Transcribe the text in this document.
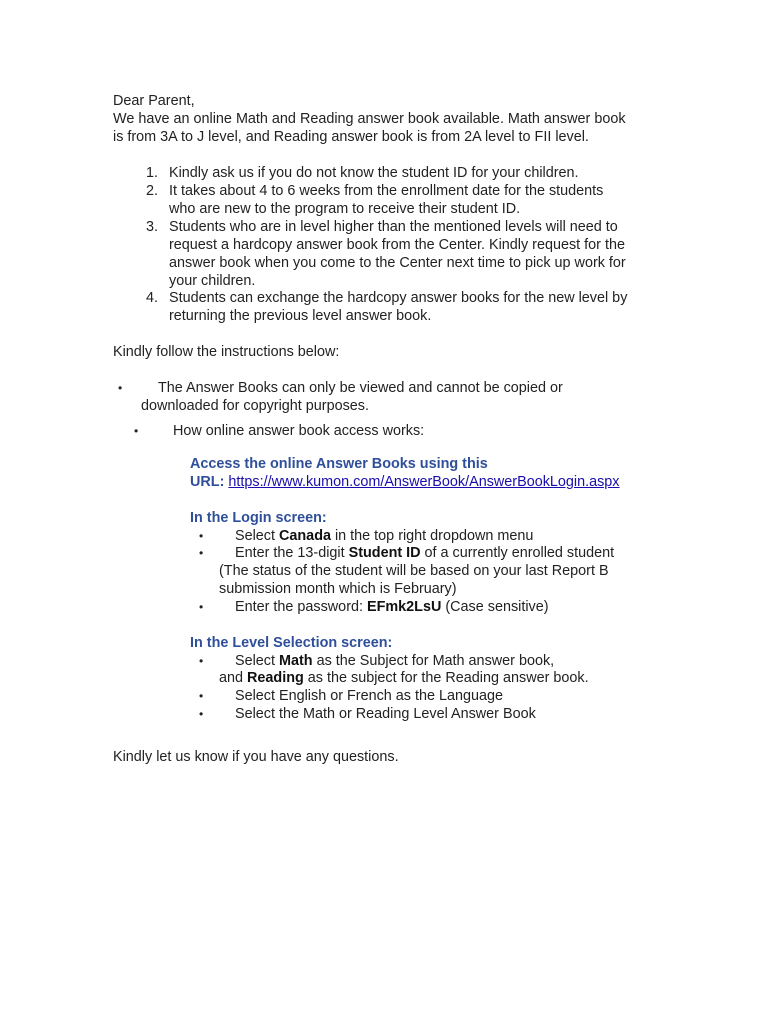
Dear Parent,
We have an online Math and Reading answer book available. Math answer book
is from 3A to J level, and Reading answer book is from 2A level to FII level.
1. Kindly ask us if you do not know the student ID for your children.
2. It takes about 4 to 6 weeks from the enrollment date for the students
who are new to the program to receive their student ID.
3. Students who are in level higher than the mentioned levels will need to
request a hardcopy answer book from the Center. Kindly request for the
answer book when you come to the Center next time to pick up work for
your children.
4. Students can exchange the hardcopy answer books for the new level by
returning the previous level answer book.
Kindly follow the instructions below:
• The Answer Books can only be viewed and cannot be copied or
downloaded for copyright purposes.
• How online answer book access works:
Access the online Answer Books using this
URL: https://www.kumon.com/AnswerBook/AnswerBookLogin.aspx
In the Login screen:
• Select Canada in the top right dropdown menu
• Enter the 13-digit Student ID of a currently enrolled student
(The status of the student will be based on your last Report B
submission month which is February)
• Enter the password: EFmk2LsU (Case sensitive)
In the Level Selection screen:
• Select Math as the Subject for Math answer book,
and Reading as the subject for the Reading answer book.
• Select English or French as the Language
• Select the Math or Reading Level Answer Book
Kindly let us know if you have any questions.
